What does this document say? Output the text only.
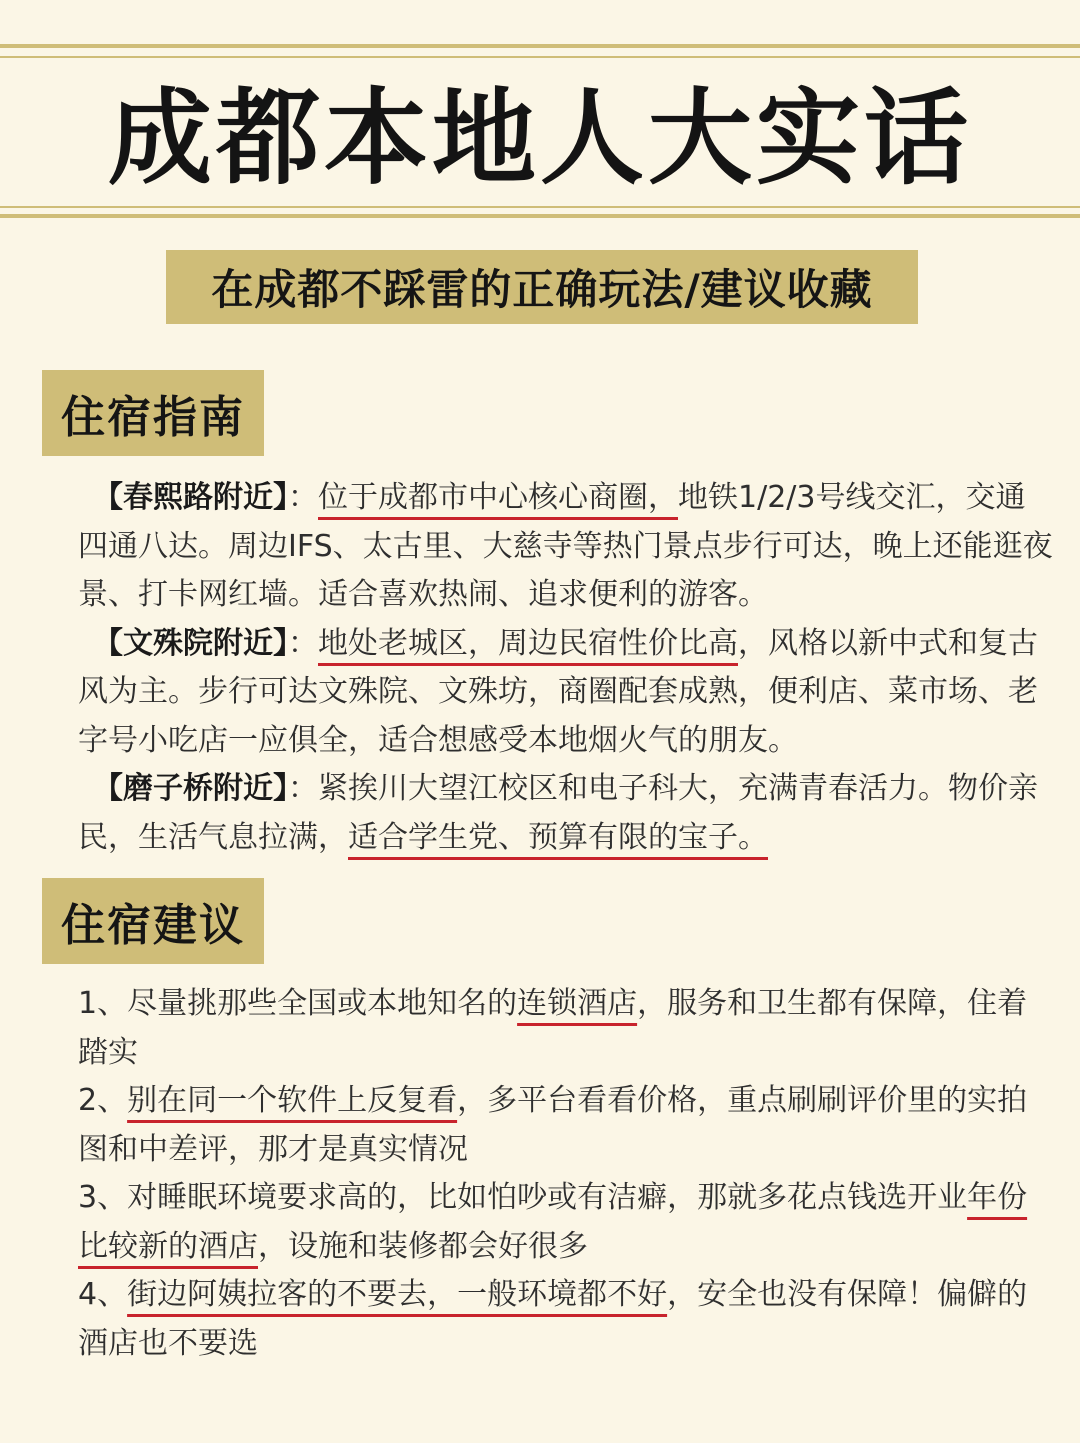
成都本地人大实话
在成都不踩雷的正确玩法/建议收藏
住宿指南

【春熙路附近】：位于成都市中心核心商圈，地铁1/2/3号线交汇，交通四通八达。周边IFS、太古里、大慈寺等热门景点步行可达，晚上还能逛夜景、打卡网红墙。适合喜欢热闹、追求便利的游客。

【文殊院附近】：地处老城区，周边民宿性价比高，风格以新中式和复古风为主。步行可达文殊院、文殊坊，商圈配套成熟，便利店、菜市场、老字号小吃店一应俱全，适合想感受本地烟火气的朋友。

【磨子桥附近】：紧挨川大望江校区和电子科大，充满青春活力。物价亲民，生活气息拉满，适合学生党、预算有限的宝子。

住宿建议

1、尽量挑那些全国或本地知名的连锁酒店，服务和卫生都有保障，住着踏实

2、别在同一个软件上反复看，多平台看看价格，重点刷刷评价里的实拍图和中差评，那才是真实情况

3、对睡眠环境要求高的，比如怕吵或有洁癖，那就多花点钱选开业年份比较新的酒店，设施和装修都会好很多

4、街边阿姨拉客的不要去，一般环境都不好，安全也没有保障！偏僻的酒店也不要选
